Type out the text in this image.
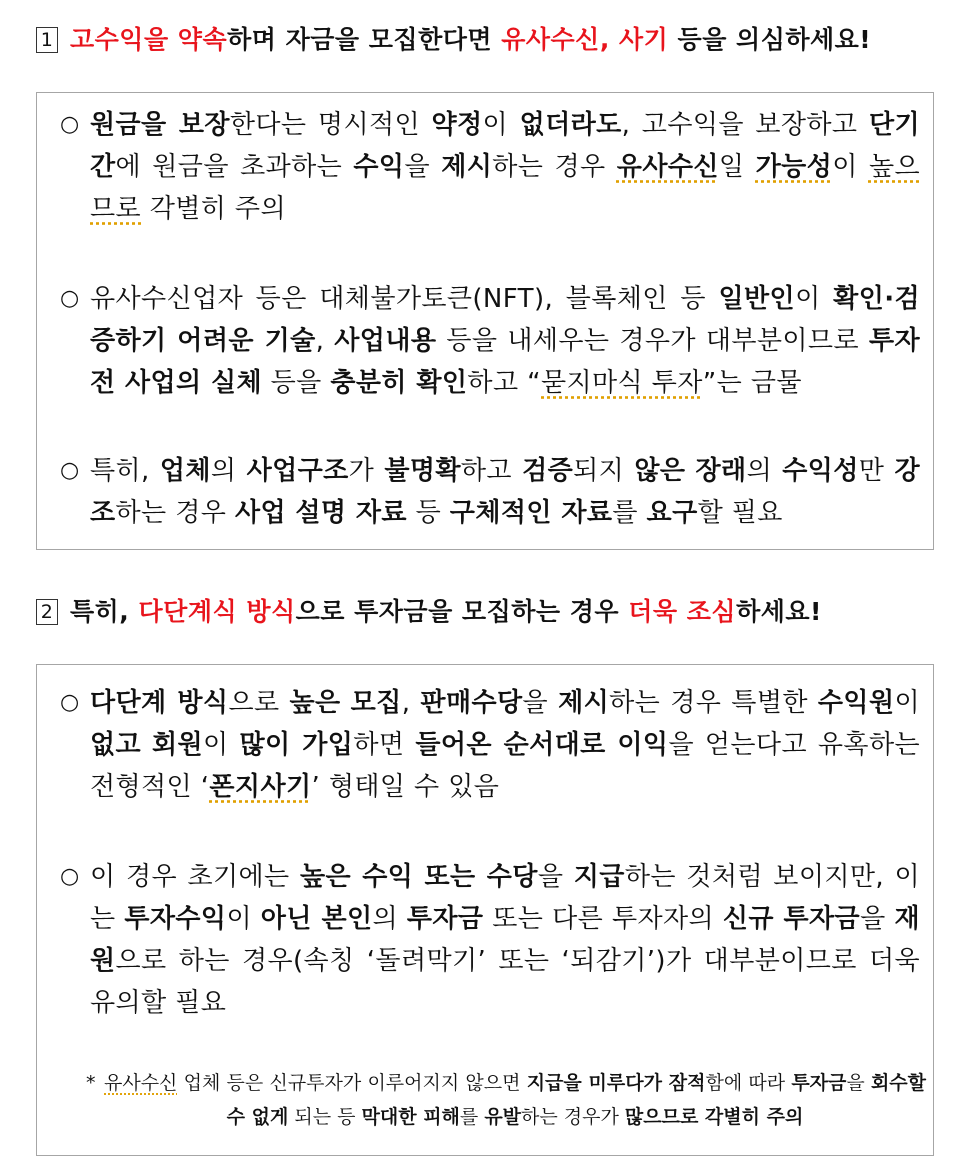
1 고수익을 약속하며 자금을 모집한다면 유사수신, 사기 등을 의심하세요!
○ 원금을 보장한다는 명시적인 약정이 없더라도, 고수익을 보장하고 단기간에 원금을 초과하는 수익을 제시하는 경우 유사수신일 가능성이 높으므로 각별히 주의
○ 유사수신업자 등은 대체불가토큰(NFT), 블록체인 등 일반인이 확인·검증하기 어려운 기술, 사업내용 등을 내세우는 경우가 대부분이므로 투자 전 사업의 실체 등을 충분히 확인하고 “묻지마식 투자”는 금물
○ 특히, 업체의 사업구조가 불명확하고 검증되지 않은 장래의 수익성만 강조하는 경우 사업 설명 자료 등 구체적인 자료를 요구할 필요
2 특히, 다단계식 방식으로 투자금을 모집하는 경우 더욱 조심하세요!
○ 다단계 방식으로 높은 모집, 판매수당을 제시하는 경우 특별한 수익원이 없고 회원이 많이 가입하면 들어온 순서대로 이익을 얻는다고 유혹하는 전형적인 ‘폰지사기’ 형태일 수 있음
○ 이 경우 초기에는 높은 수익 또는 수당을 지급하는 것처럼 보이지만, 이는 투자수익이 아닌 본인의 투자금 또는 다른 투자자의 신규 투자금을 재원으로 하는 경우(속칭 ‘돌려막기’ 또는 ‘되감기’)가 대부분이므로 더욱 유의할 필요
* 유사수신 업체 등은 신규투자가 이루어지지 않으면 지급을 미루다가 잠적함에 따라 투자금을 회수할 수 없게 되는 등 막대한 피해를 유발하는 경우가 많으므로 각별히 주의
